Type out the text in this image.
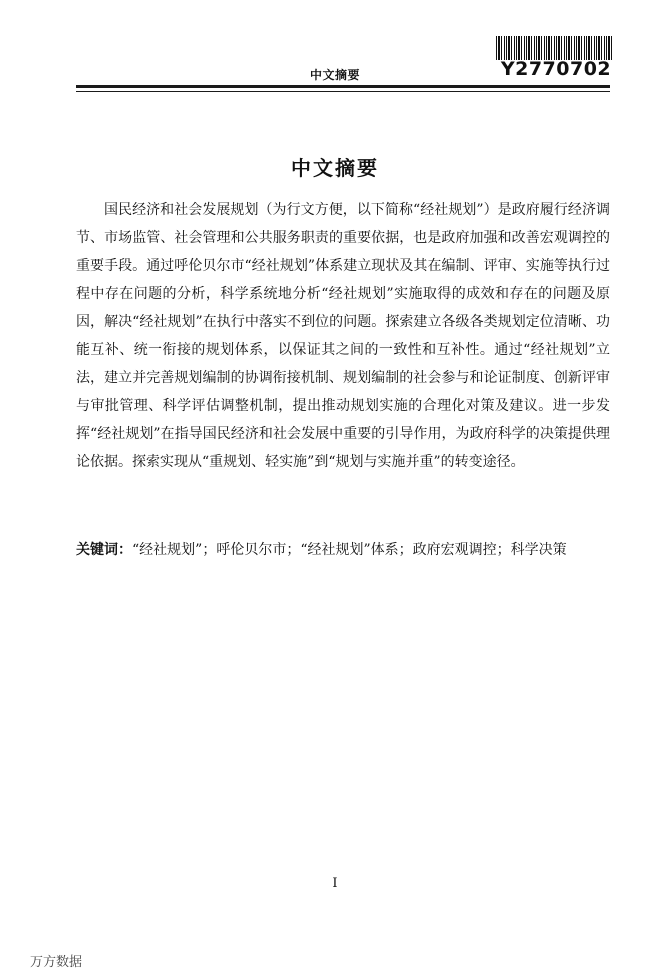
中文摘要	Y2770702
中文摘要

国民经济和社会发展规划（为行文方便，以下简称“经社规划”）是政府履行经济调节、市场监管、社会管理和公共服务职责的重要依据，也是政府加强和改善宏观调控的重要手段。通过呼伦贝尔市“经社规划”体系建立现状及其在编制、评审、实施等执行过程中存在问题的分析，科学系统地分析“经社规划”实施取得的成效和存在的问题及原因，解决“经社规划”在执行中落实不到位的问题。探索建立各级各类规划定位清晰、功能互补、统一衔接的规划体系，以保证其之间的一致性和互补性。通过“经社规划”立法，建立并完善规划编制的协调衔接机制、规划编制的社会参与和论证制度、创新评审与审批管理、科学评估调整机制，提出推动规划实施的合理化对策及建议。进一步发挥“经社规划”在指导国民经济和社会发展中重要的引导作用，为政府科学的决策提供理论依据。探索实现从“重规划、轻实施”到“规划与实施并重”的转变途径。

关键词：“经社规划”；呼伦贝尔市；“经社规划”体系；政府宏观调控；科学决策

I
万方数据
